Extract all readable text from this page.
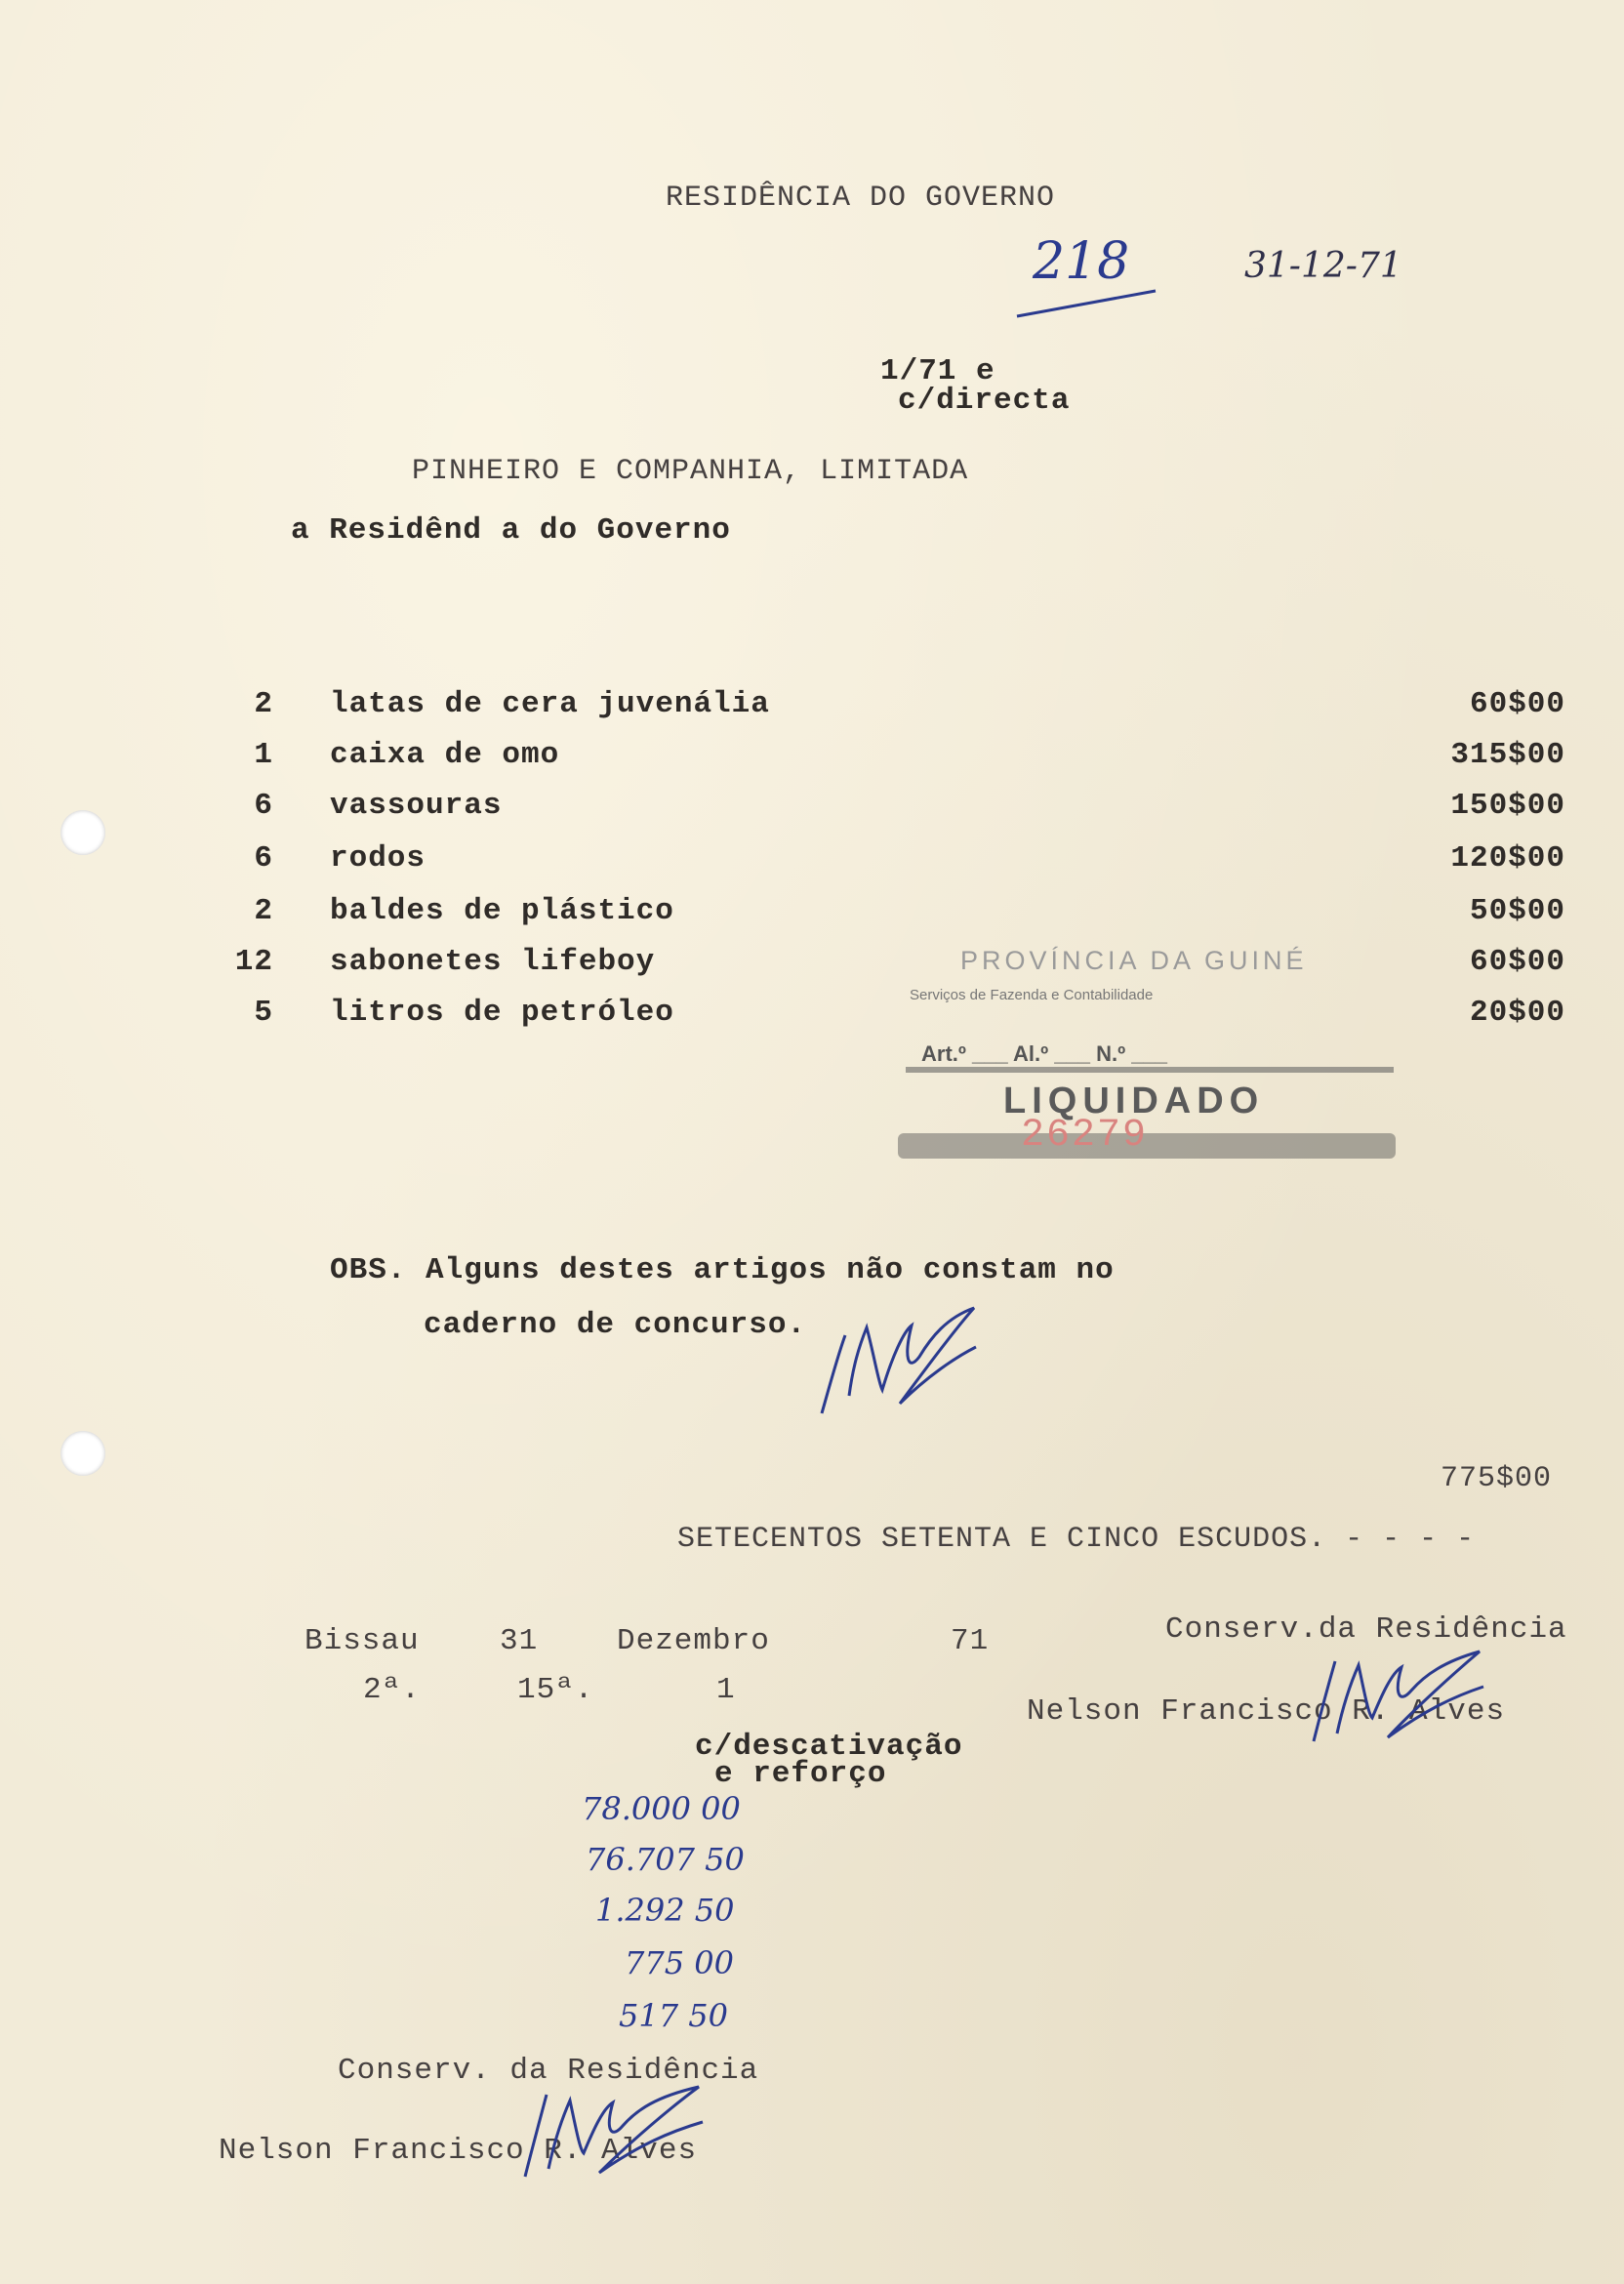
RESIDÊNCIA DO GOVERNO
218	31-12-71
1/71 e
c/directa
PINHEIRO E COMPANHIA, LIMITADA
a Residênd a do Governo
2 latas de cera juvenália	60$00
1 caixa de omo	315$00
6 vassouras	150$00
6 rodos	120$00
2 baldes de plástico	50$00
12 sabonetes lifeboy	60$00
5 litros de petróleo	20$00
PROVÍNCIA DA GUINÉ
Serviços de Fazenda e Contabilidade
Art.º ___ Al.º ___ N.º ___
LIQUIDADO
26279
OBS. Alguns destes artigos não constam no
caderno de concurso.
775$00
SETECENTOS SETENTA E CINCO ESCUDOS. - - - -
Bissau	31	Dezembro	71
2ª.	15ª.	1
c/descativação
e reforço
Conserv.da Residência
Nelson Francisco R. Alves
78.000 00
76.707 50
1.292 50
775 00
517 50
Conserv. da Residência
Nelson Francisco R. Alves
